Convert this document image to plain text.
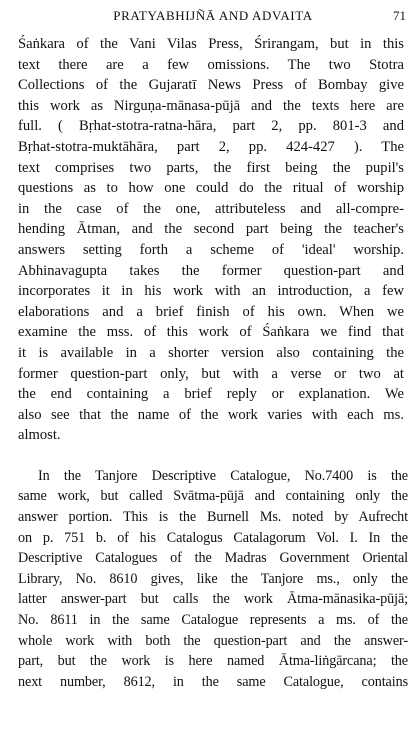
PRATYABHIJÑĀ AND ADVAITA	71
Śaṅkara of the Vani Vilas Press, Śrirangam, but in this
text there are a few omissions. The two Stotra
Collections of the Gujaratī News Press of Bombay give
this work as Nirguṇa-mānasa-pūjā and the texts here are
full. ( Bṛhat-stotra-ratna-hāra, part 2, pp. 801-3 and
Bṛhat-stotra-muktāhāra, part 2, pp. 424-427 ). The
text comprises two parts, the first being the pupil's
questions as to how one could do the ritual of worship
in the case of the one, attributeless and all-compre-
hending Ātman, and the second part being the teacher's
answers setting forth a scheme of 'ideal' worship.
Abhinavagupta takes the former question-part and
incorporates it in his work with an introduction, a few
elaborations and a brief finish of his own. When we
examine the mss. of this work of Śaṅkara we find that
it is available in a shorter version also containing the
former question-part only, but with a verse or two at
the end containing a brief reply or explanation. We
also see that the name of the work varies with each ms.
almost.
In the Tanjore Descriptive Catalogue, No.7400 is the
same work, but called Svātma-pūjā and containing only the
answer portion. This is the Burnell Ms. noted by Aufrecht
on p. 751 b. of his Catalogus Catalagorum Vol. I. In the
Descriptive Catalogues of the Madras Government Oriental
Library, No. 8610 gives, like the Tanjore ms., only the
latter answer-part but calls the work Ātma-mānasika-pūjā;
No. 8611 in the same Catalogue represents a ms. of the
whole work with both the question-part and the answer-
part, but the work is here named Ātma-liṅgārcana; the
next number, 8612, in the same Catalogue, contains
